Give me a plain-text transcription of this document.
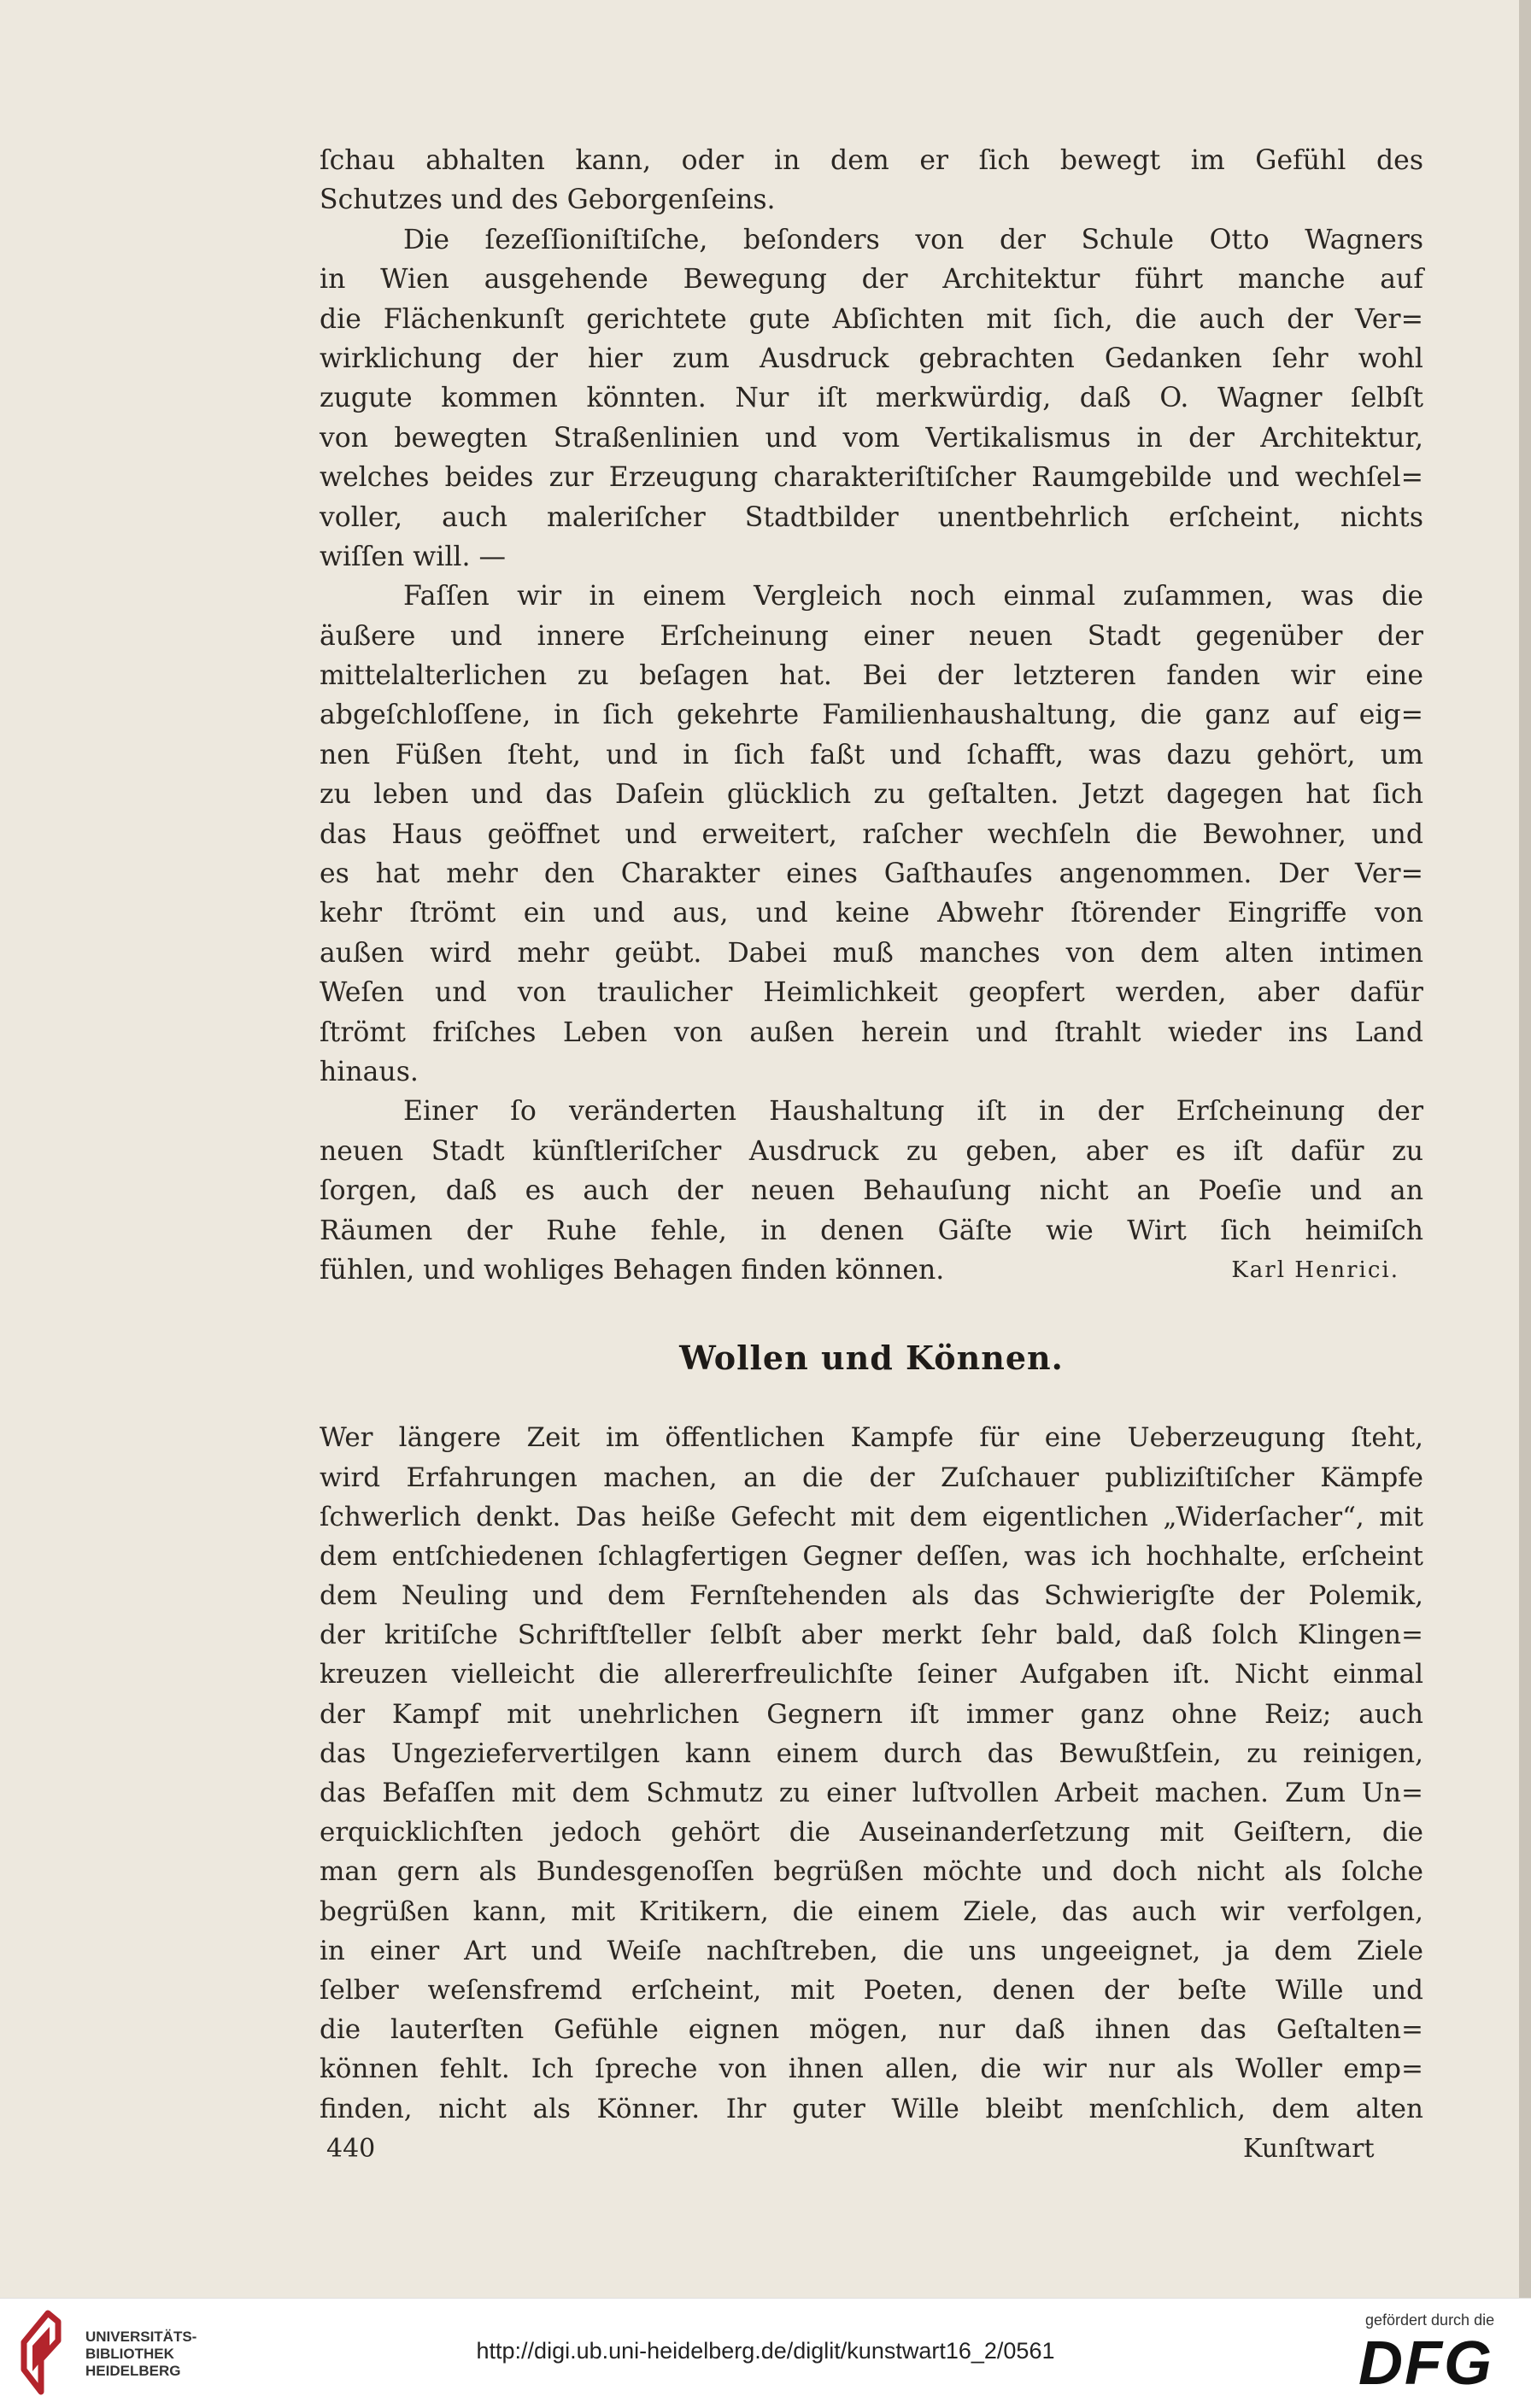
ſchau abhalten kann, oder in dem er ſich bewegt im Gefühl des
Schutzes und des Geborgenſeins.
Die ſezeſſioniſtiſche, beſonders von der Schule Otto Wagners
in Wien ausgehende Bewegung der Architektur führt manche auf
die Flächenkunſt gerichtete gute Abſichten mit ſich, die auch der Ver=
wirklichung der hier zum Ausdruck gebrachten Gedanken ſehr wohl
zugute kommen könnten. Nur iſt merkwürdig, daß O. Wagner ſelbſt
von bewegten Straßenlinien und vom Vertikalismus in der Architektur,
welches beides zur Erzeugung charakteriſtiſcher Raumgebilde und wechſel=
voller, auch maleriſcher Stadtbilder unentbehrlich erſcheint, nichts
wiſſen will. —
Faſſen wir in einem Vergleich noch einmal zuſammen, was die
äußere und innere Erſcheinung einer neuen Stadt gegenüber der
mittelalterlichen zu beſagen hat. Bei der letzteren fanden wir eine
abgeſchloſſene, in ſich gekehrte Familienhaushaltung, die ganz auf eig=
nen Füßen ſteht, und in ſich faßt und ſchafft, was dazu gehört, um
zu leben und das Daſein glücklich zu geſtalten. Jetzt dagegen hat ſich
das Haus geöffnet und erweitert, raſcher wechſeln die Bewohner, und
es hat mehr den Charakter eines Gaſthauſes angenommen. Der Ver=
kehr ſtrömt ein und aus, und keine Abwehr ſtörender Eingriffe von
außen wird mehr geübt. Dabei muß manches von dem alten intimen
Weſen und von traulicher Heimlichkeit geopfert werden, aber dafür
ſtrömt friſches Leben von außen herein und ſtrahlt wieder ins Land
hinaus.
Einer ſo veränderten Haushaltung iſt in der Erſcheinung der
neuen Stadt künſtleriſcher Ausdruck zu geben, aber es iſt dafür zu
ſorgen, daß es auch der neuen Behauſung nicht an Poeſie und an
Räumen der Ruhe fehle, in denen Gäſte wie Wirt ſich heimiſch
fühlen, und wohliges Behagen finden können.	Karl Henrici.
Wollen und Können.
Wer längere Zeit im öffentlichen Kampfe für eine Ueberzeugung ſteht,
wird Erfahrungen machen, an die der Zuſchauer publiziſtiſcher Kämpfe
ſchwerlich denkt. Das heiße Gefecht mit dem eigentlichen „Widerſacher“, mit
dem entſchiedenen ſchlagfertigen Gegner deſſen, was ich hochhalte, erſcheint
dem Neuling und dem Fernſtehenden als das Schwierigſte der Polemik,
der kritiſche Schriftſteller ſelbſt aber merkt ſehr bald, daß ſolch Klingen=
kreuzen vielleicht die allererfreulichſte ſeiner Aufgaben iſt. Nicht einmal
der Kampf mit unehrlichen Gegnern iſt immer ganz ohne Reiz; auch
das Ungeziefervertilgen kann einem durch das Bewußtſein, zu reinigen,
das Befaſſen mit dem Schmutz zu einer luſtvollen Arbeit machen. Zum Un=
erquicklichſten jedoch gehört die Auseinanderſetzung mit Geiſtern, die
man gern als Bundesgenoſſen begrüßen möchte und doch nicht als ſolche
begrüßen kann, mit Kritikern, die einem Ziele, das auch wir verfolgen,
in einer Art und Weiſe nachſtreben, die uns ungeeignet, ja dem Ziele
ſelber weſensfremd erſcheint, mit Poeten, denen der beſte Wille und
die lauterſten Gefühle eignen mögen, nur daß ihnen das Geſtalten=
können fehlt. Ich ſpreche von ihnen allen, die wir nur als Woller emp=
finden, nicht als Könner. Ihr guter Wille bleibt menſchlich, dem alten
440	Kunſtwart
UNIVERSITÄTS-
BIBLIOTHEK
HEIDELBERG
http://digi.ub.uni-heidelberg.de/diglit/kunstwart16_2/0561
gefördert durch die
DFG
